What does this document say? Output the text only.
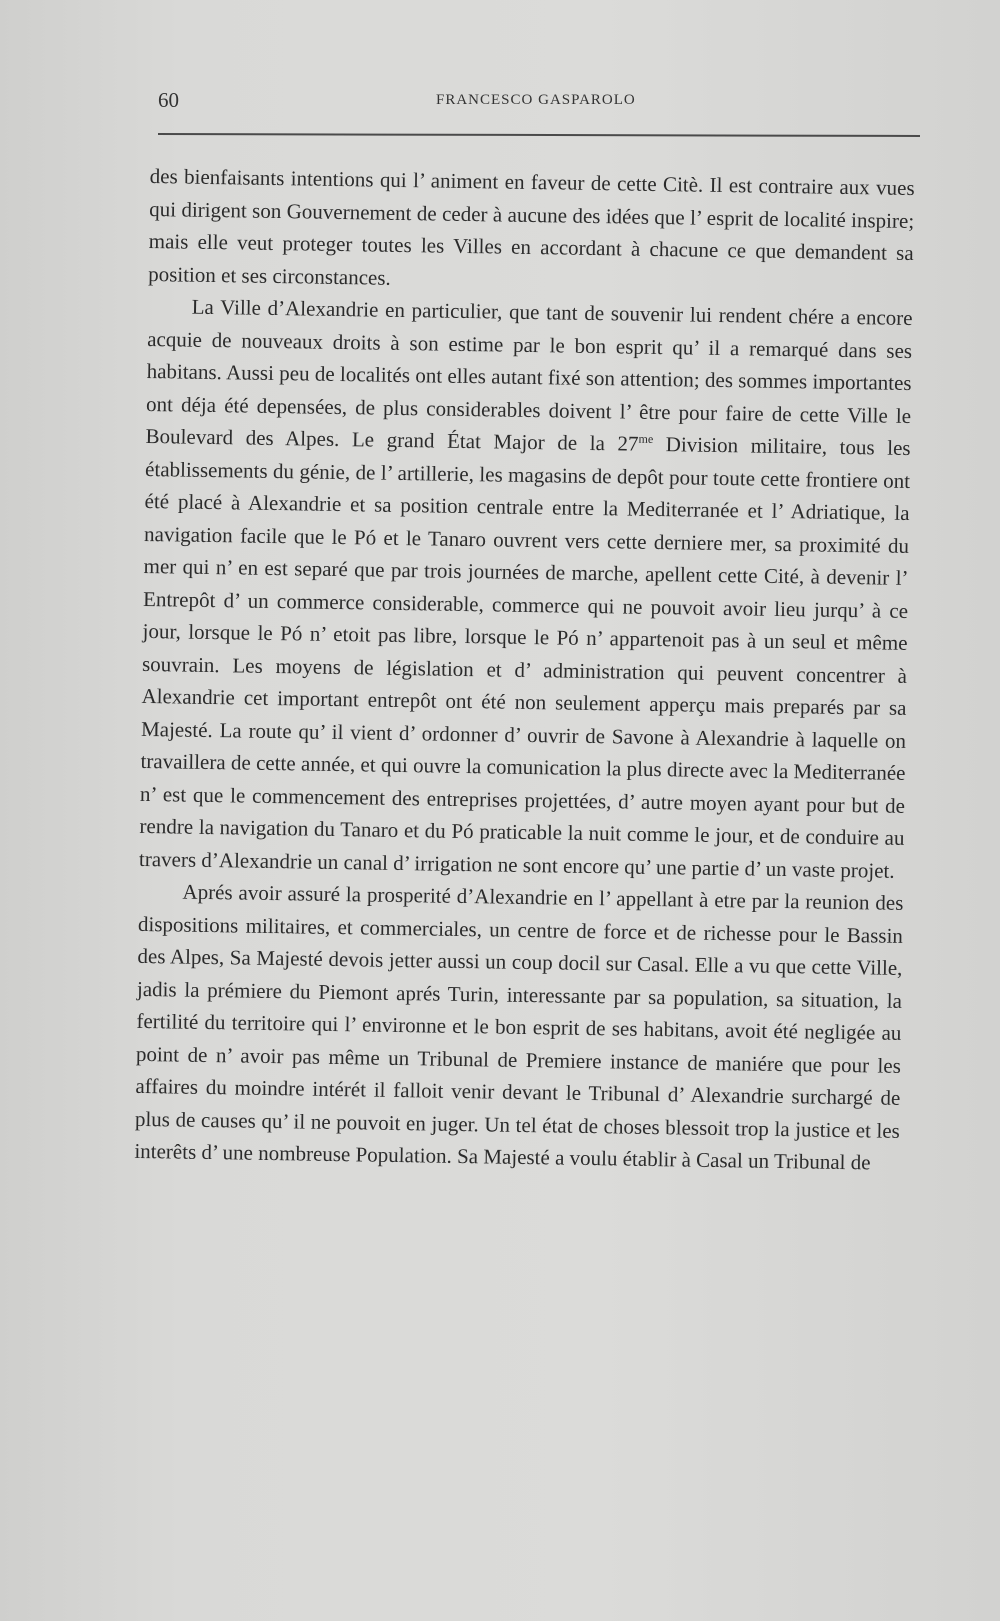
60	FRANCESCO GASPAROLO

des bienfaisants intentions qui l’ animent en faveur de cette Citè. Il est contraire aux vues qui dirigent son Gouvernement de ceder à aucune des idées que l’ esprit de localité inspire; mais elle veut proteger toutes les Villes en accordant à chacune ce que demandent sa position et ses circonstances.

La Ville d’Alexandrie en particulier, que tant de souvenir lui rendent chére a encore acquie de nouveaux droits à son estime par le bon esprit qu’ il a remarqué dans ses habitans. Aussi peu de localités ont elles autant fixé son attention; des sommes importantes ont déja été depensées, de plus considerables doivent l’ être pour faire de cette Ville le Boulevard des Alpes. Le grand État Major de la $27^{me}$ Division militaire, tous les établissements du génie, de l’ artillerie, les magasins de depôt pour toute cette frontiere ont été placé à Alexandrie et sa position centrale entre la Mediterranée et l’ Adriatique, la navigation facile que le Pó et le Tanaro ouvrent vers cette derniere mer, sa proximité du mer qui n’ en est separé que par trois journées de marche, apellent cette Cité, à devenir l’ Entrepôt d’ un commerce considerable, commerce qui ne pouvoit avoir lieu jurqu’ à ce jour, lorsque le Pó n’ etoit pas libre, lorsque le Pó n’ appartenoit pas à un seul et même souvrain. Les moyens de législation et d’ administration qui peuvent concentrer à Alexandrie cet important entrepôt ont été non seulement apperçu mais preparés par sa Majesté. La route qu’ il vient d’ ordonner d’ ouvrir de Savone à Alexandrie à laquelle on travaillera de cette année, et qui ouvre la comunication la plus directe avec la Mediterranée n’ est que le commencement des entreprises projettées, d’ autre moyen ayant pour but de rendre la navigation du Tanaro et du Pó praticable la nuit comme le jour, et de conduire au travers d’Alexandrie un canal d’ irrigation ne sont encore qu’ une partie d’ un vaste projet.

Aprés avoir assuré la prosperité d’Alexandrie en l’ appellant à etre par la reunion des dispositions militaires, et commerciales, un centre de force et de richesse pour le Bassin des Alpes, Sa Majesté devois jetter aussi un coup docil sur Casal. Elle a vu que cette Ville, jadis la prémiere du Piemont aprés Turin, interessante par sa population, sa situation, la fertilité du territoire qui l’ environne et le bon esprit de ses habitans, avoit été negligée au point de n’ avoir pas même un Tribunal de Premiere instance de maniére que pour les affaires du moindre intérét il falloit venir devant le Tribunal d’ Alexandrie surchargé de plus de causes qu’ il ne pouvoit en juger. Un tel état de choses blessoit trop la justice et les interêts d’ une nombreuse Population. Sa Majesté a voulu établir à Casal un Tribunal de
